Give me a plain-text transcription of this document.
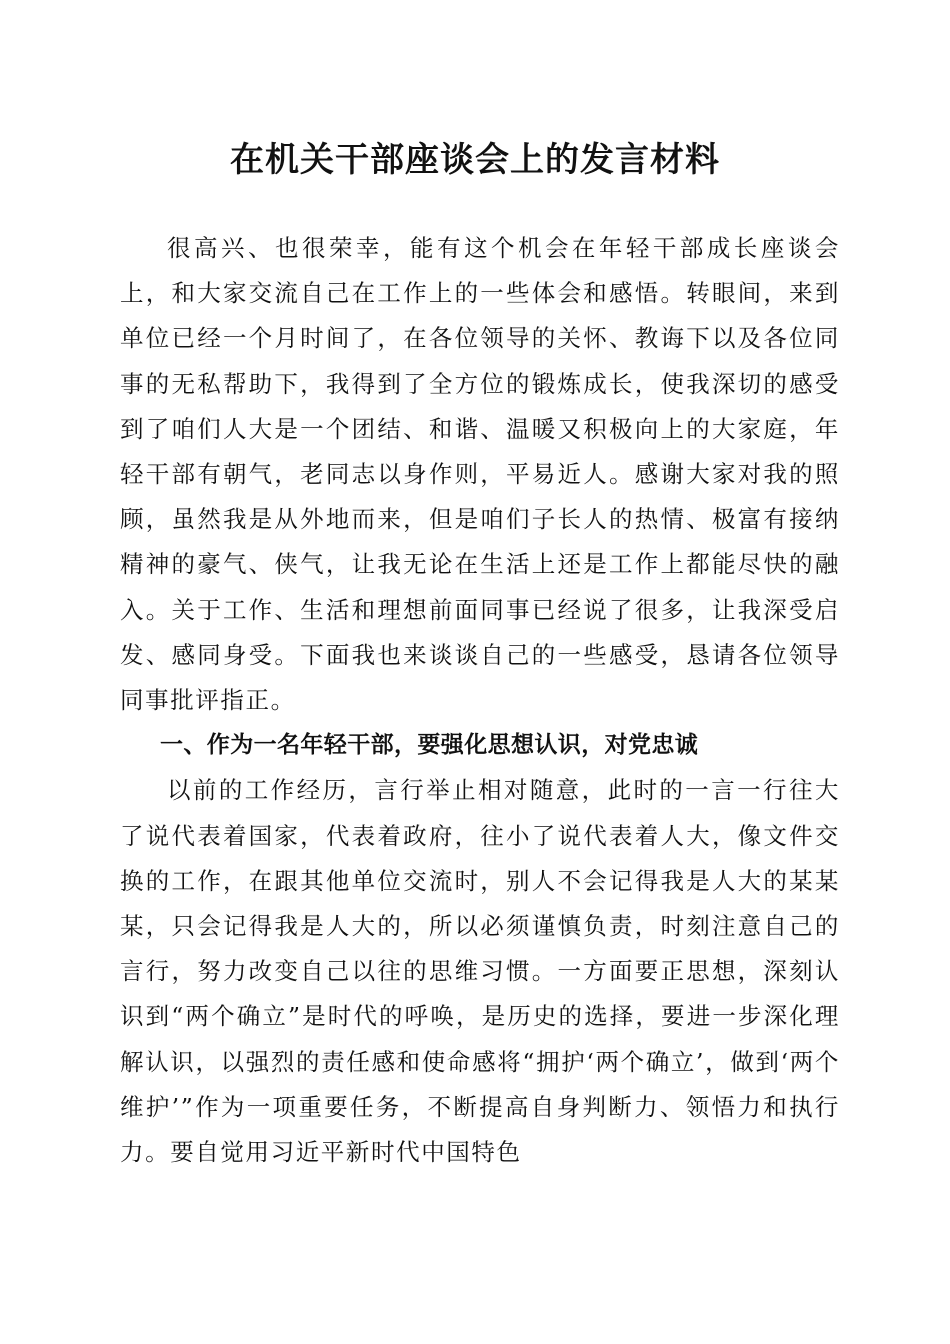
在机关干部座谈会上的发言材料

很高兴、也很荣幸，能有这个机会在年轻干部成长座谈会上，和大家交流自己在工作上的一些体会和感悟。转眼间，来到单位已经一个月时间了，在各位领导的关怀、教诲下以及各位同事的无私帮助下，我得到了全方位的锻炼成长，使我深切的感受到了咱们人大是一个团结、和谐、温暖又积极向上的大家庭，年轻干部有朝气，老同志以身作则，平易近人。感谢大家对我的照顾，虽然我是从外地而来，但是咱们子长人的热情、极富有接纳精神的豪气、侠气，让我无论在生活上还是工作上都能尽快的融入。关于工作、生活和理想前面同事已经说了很多，让我深受启发、感同身受。下面我也来谈谈自己的一些感受，恳请各位领导同事批评指正。

一、作为一名年轻干部，要强化思想认识，对党忠诚

以前的工作经历，言行举止相对随意，此时的一言一行往大了说代表着国家，代表着政府，往小了说代表着人大，像文件交换的工作，在跟其他单位交流时，别人不会记得我是人大的某某某，只会记得我是人大的，所以必须谨慎负责，时刻注意自己的言行，努力改变自己以往的思维习惯。一方面要正思想，深刻认识到“两个确立”是时代的呼唤，是历史的选择，要进一步深化理解认识，以强烈的责任感和使命感将“拥护‘两个确立’，做到‘两个维护’”作为一项重要任务，不断提高自身判断力、领悟力和执行力。要自觉用习近平新时代中国特色
